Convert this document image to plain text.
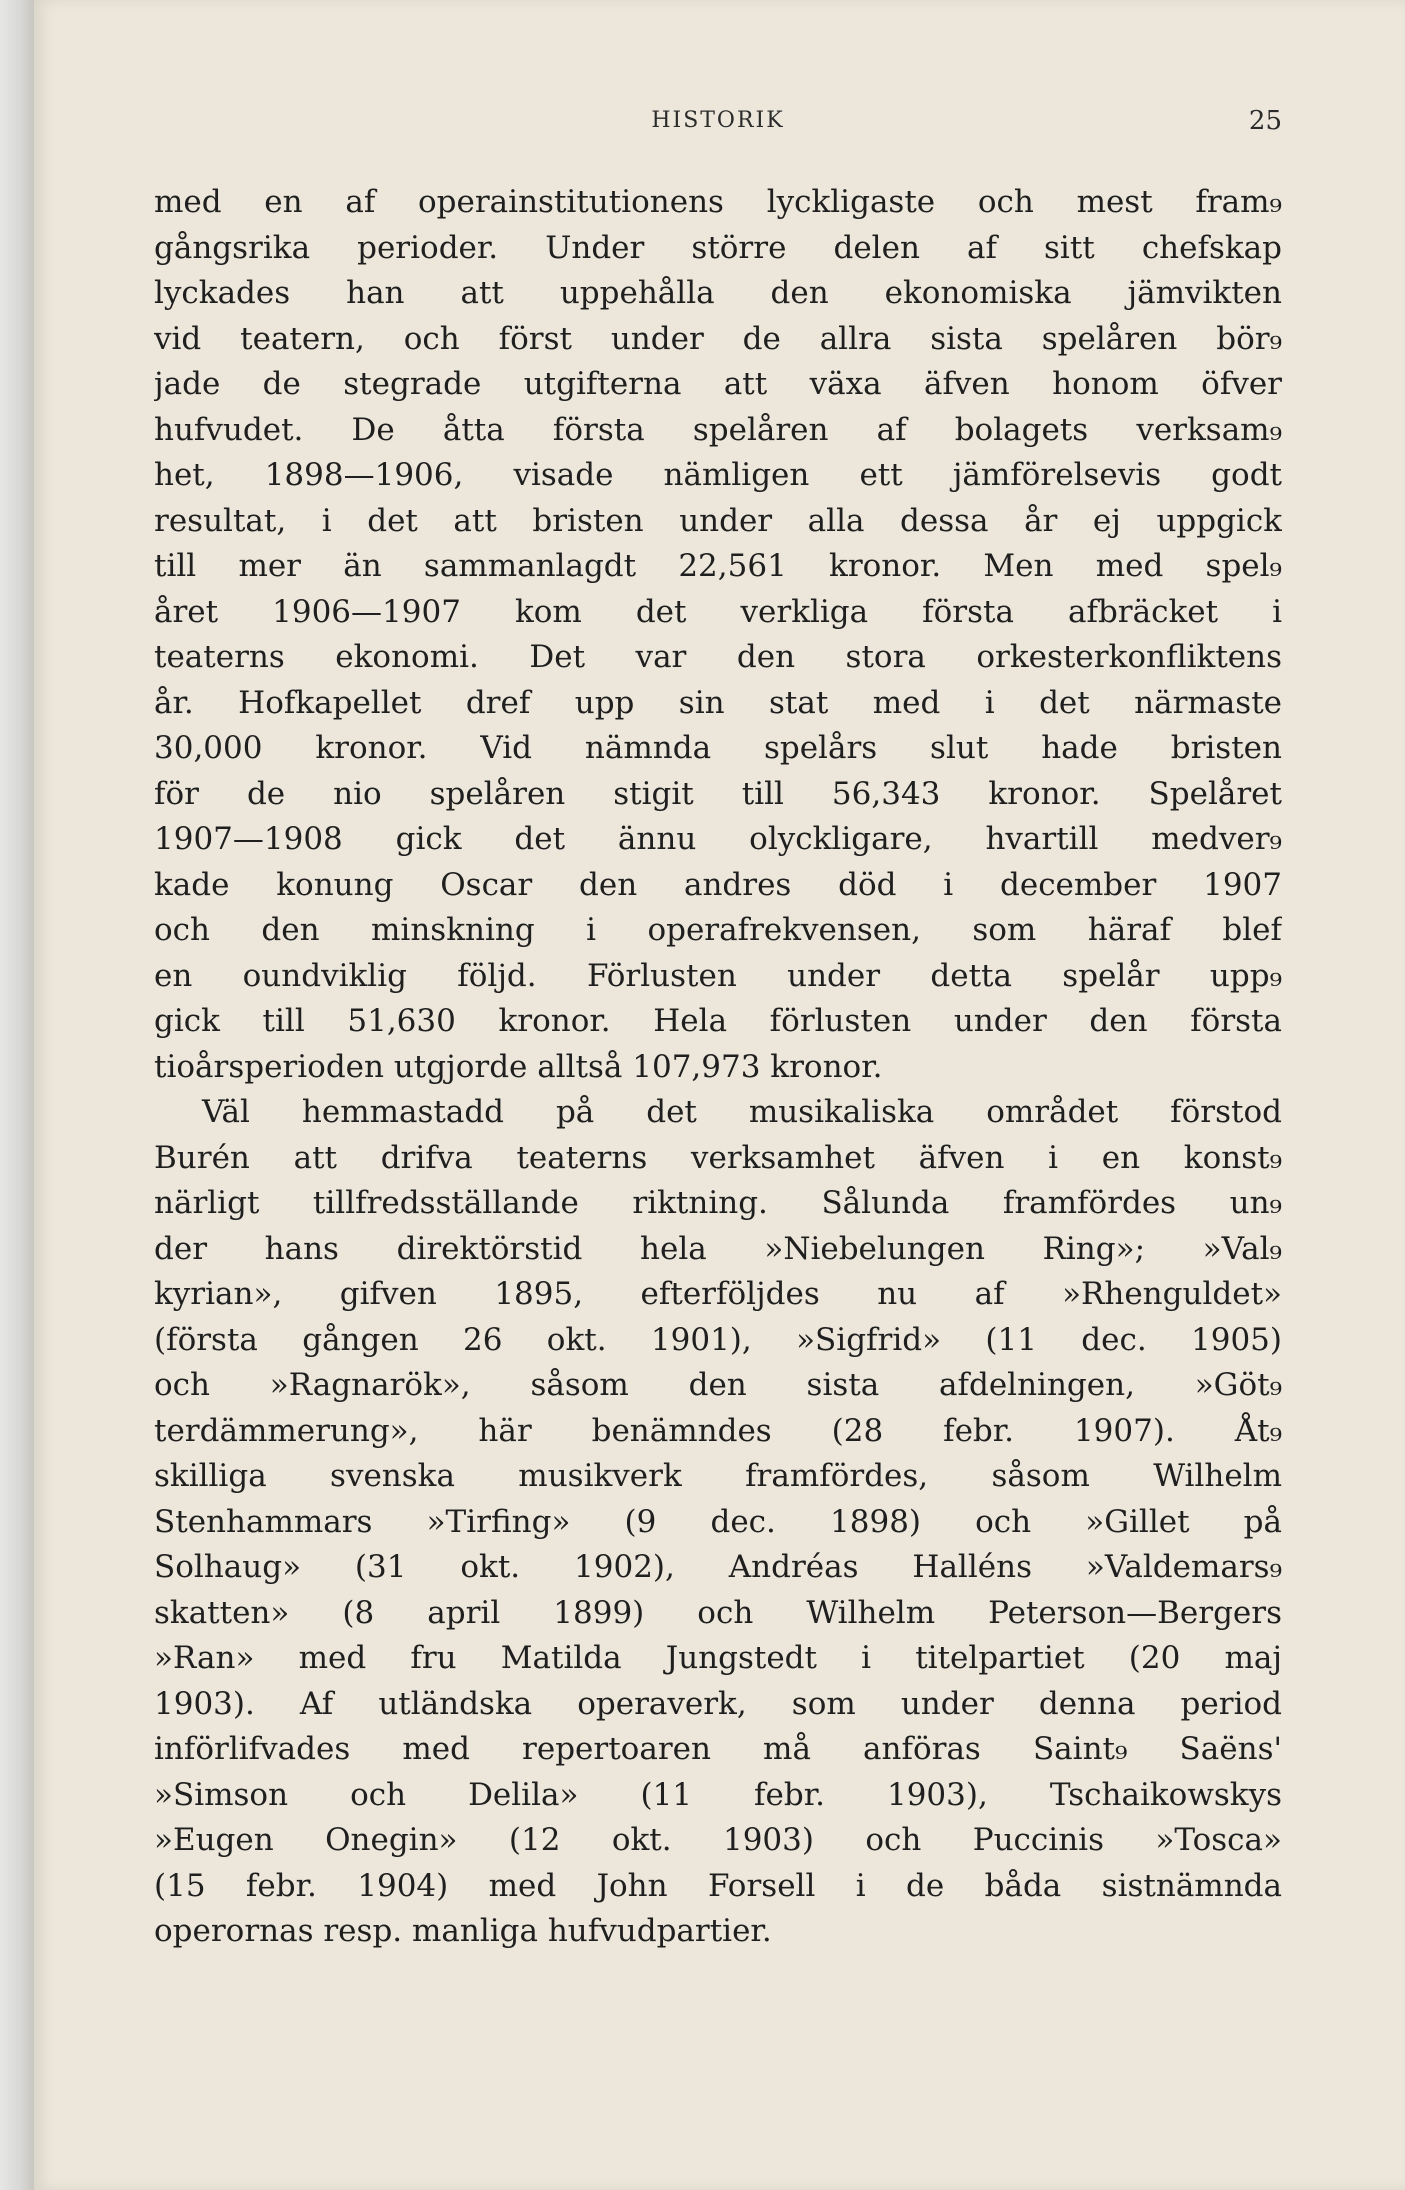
HISTORIK	25
med en af operainstitutionens lyckligaste och mest fram₉
gångsrika perioder. Under större delen af sitt chefskap
lyckades han att uppehålla den ekonomiska jämvikten
vid teatern, och först under de allra sista spelåren bör₉
jade de stegrade utgifterna att växa äfven honom öfver
hufvudet. De åtta första spelåren af bolagets verksam₉
het, 1898—1906, visade nämligen ett jämförelsevis godt
resultat, i det att bristen under alla dessa år ej uppgick
till mer än sammanlagdt 22,561 kronor. Men med spel₉
året 1906—1907 kom det verkliga första afbräcket i
teaterns ekonomi. Det var den stora orkesterkonfliktens
år. Hofkapellet dref upp sin stat med i det närmaste
30,000 kronor. Vid nämnda spelårs slut hade bristen
för de nio spelåren stigit till 56,343 kronor. Spelåret
1907—1908 gick det ännu olyckligare, hvartill medver₉
kade konung Oscar den andres död i december 1907
och den minskning i operafrekvensen, som häraf blef
en oundviklig följd. Förlusten under detta spelår upp₉
gick till 51,630 kronor. Hela förlusten under den första
tioårsperioden utgjorde alltså 107,973 kronor.
Väl hemmastadd på det musikaliska området förstod
Burén att drifva teaterns verksamhet äfven i en konst₉
närligt tillfredsställande riktning. Sålunda framfördes un₉
der hans direktörstid hela »Niebelungen Ring»; »Val₉
kyrian», gifven 1895, efterföljdes nu af »Rhenguldet»
(första gången 26 okt. 1901), »Sigfrid» (11 dec. 1905)
och »Ragnarök», såsom den sista afdelningen, »Göt₉
terdämmerung», här benämndes (28 febr. 1907). Åt₉
skilliga svenska musikverk framfördes, såsom Wilhelm
Stenhammars »Tirfing» (9 dec. 1898) och »Gillet på
Solhaug» (31 okt. 1902), Andréas Halléns »Valdemars₉
skatten» (8 april 1899) och Wilhelm Peterson—Bergers
»Ran» med fru Matilda Jungstedt i titelpartiet (20 maj
1903). Af utländska operaverk, som under denna period
införlifvades med repertoaren må anföras Saint₉ Saëns'
»Simson och Delila» (11 febr. 1903), Tschaikowskys
»Eugen Onegin» (12 okt. 1903) och Puccinis »Tosca»
(15 febr. 1904) med John Forsell i de båda sistnämnda
operornas resp. manliga hufvudpartier.
